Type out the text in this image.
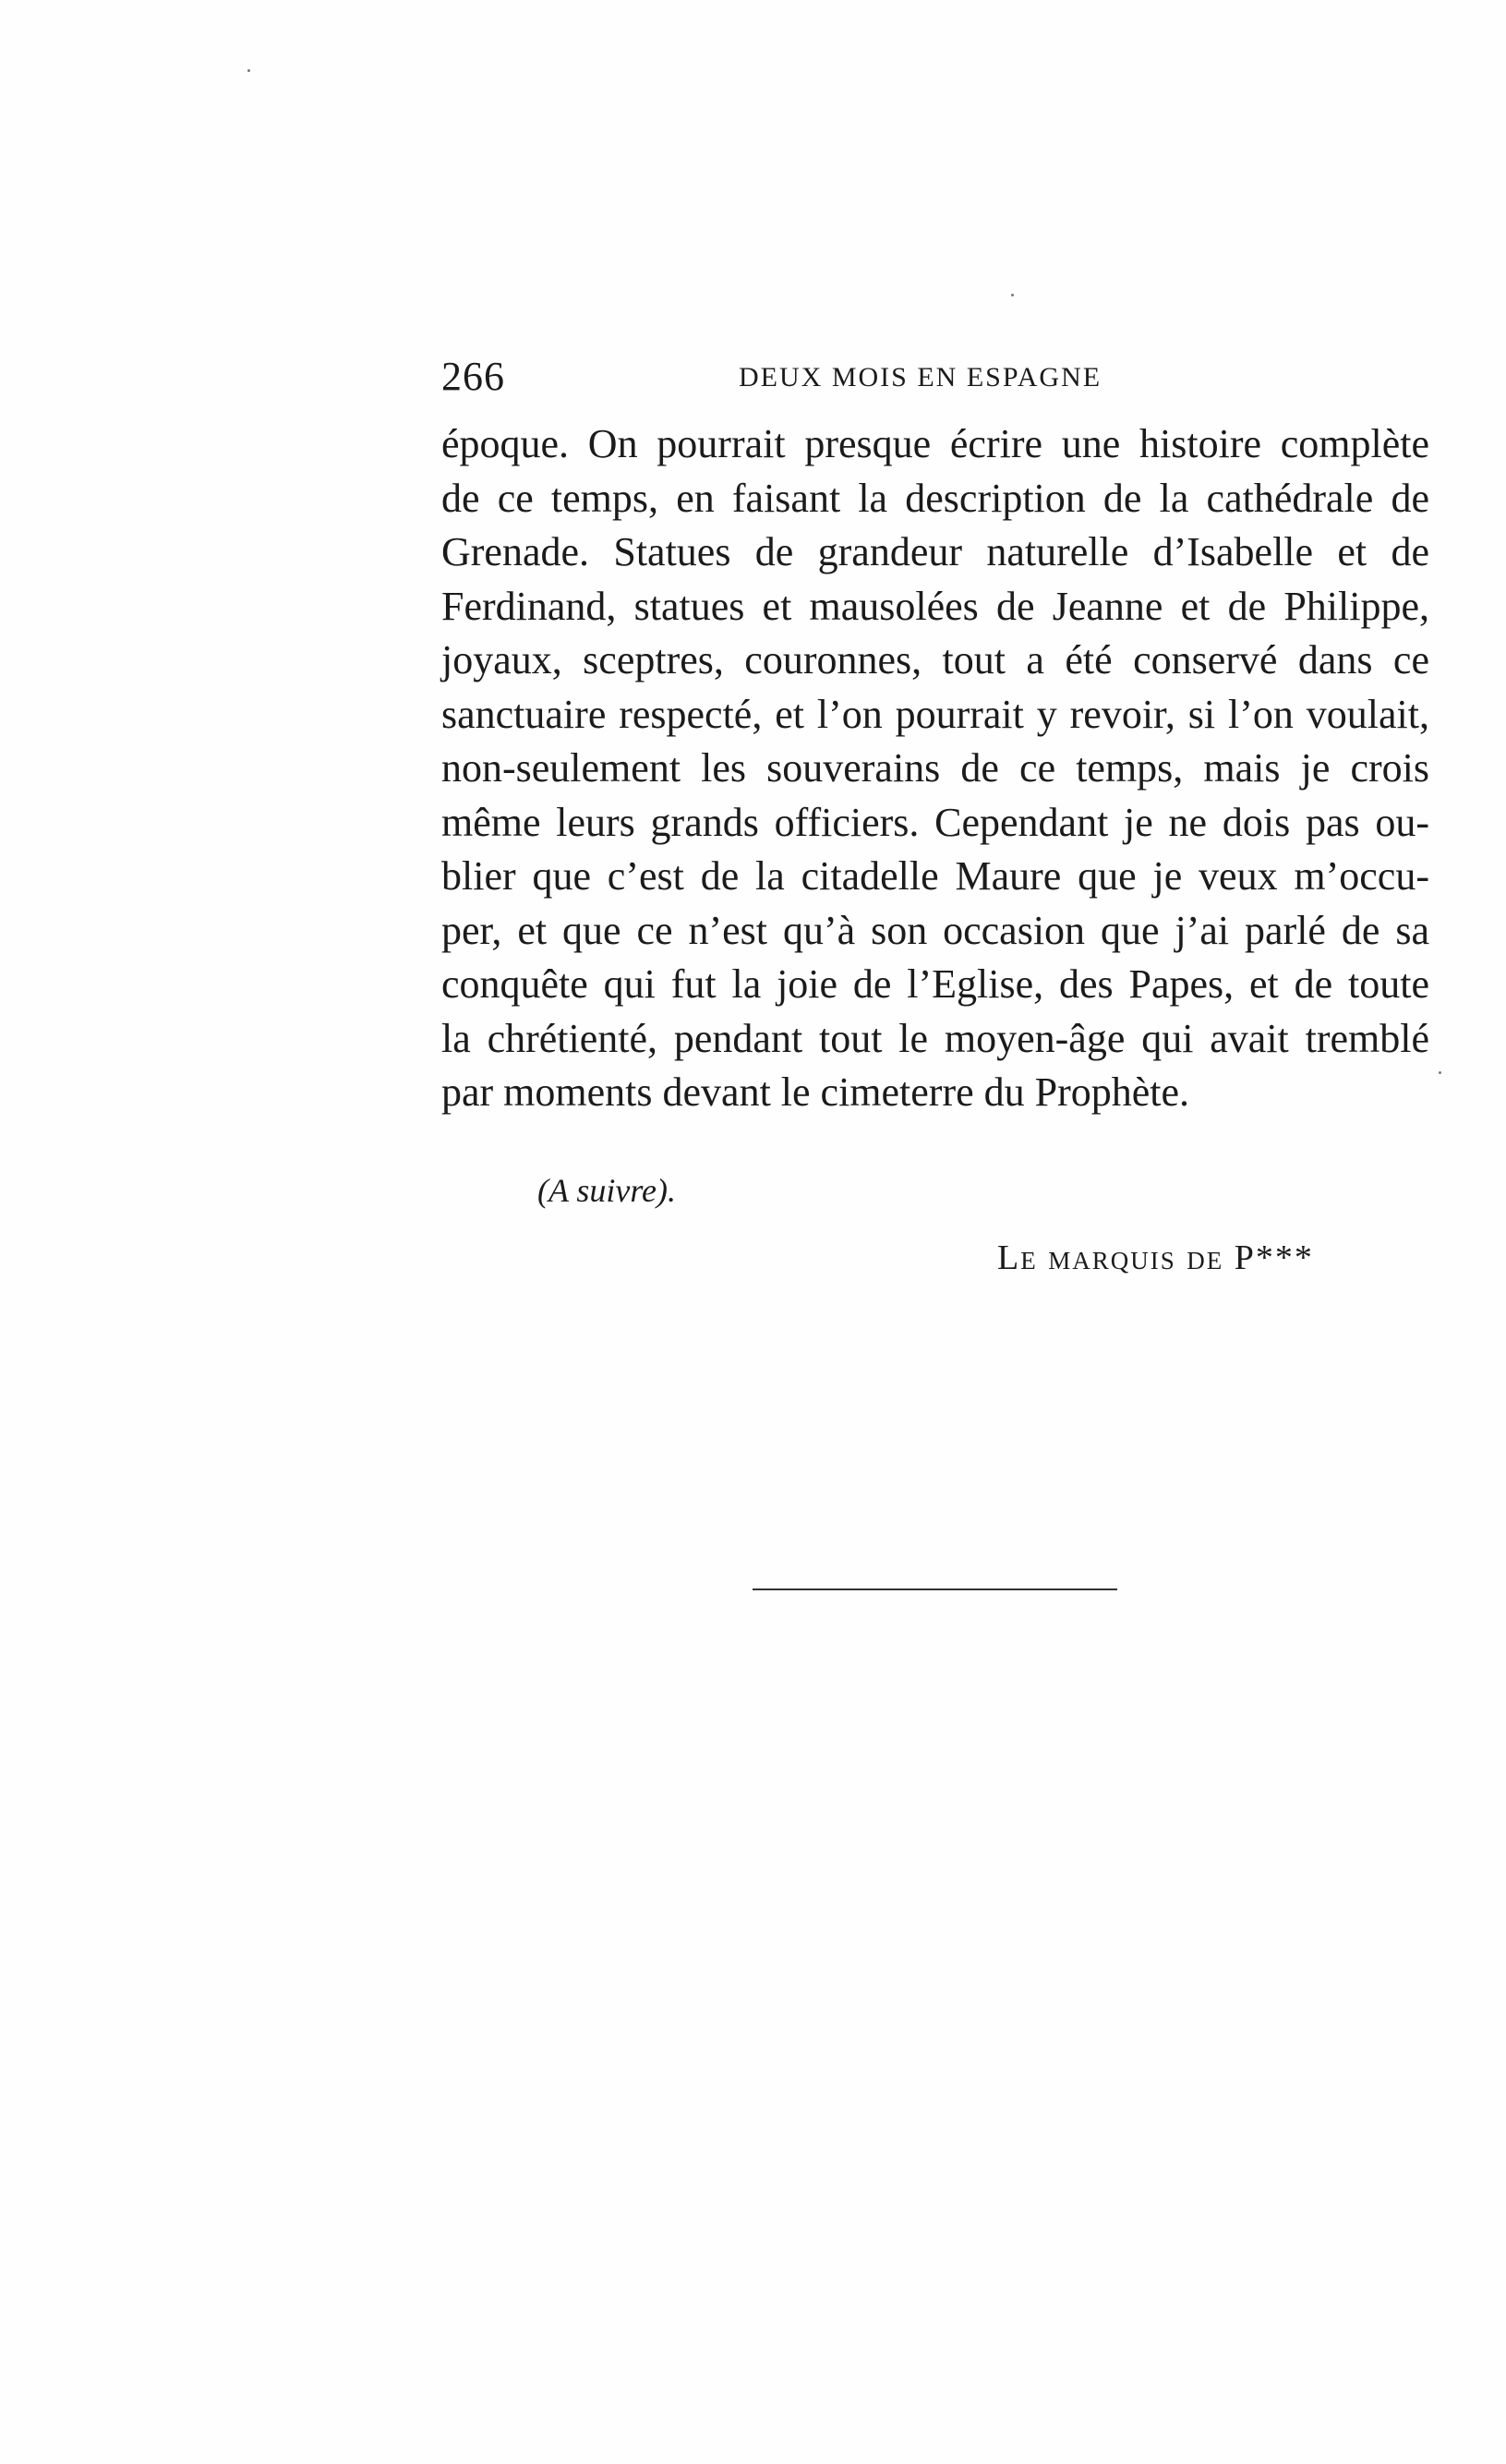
266	DEUX MOIS EN ESPAGNE
époque. On pourrait presque écrire une histoire complète
de ce temps, en faisant la description de la cathédrale de
Grenade. Statues de grandeur naturelle d’Isabelle et de
Ferdinand, statues et mausolées de Jeanne et de Philippe,
joyaux, sceptres, couronnes, tout a été conservé dans ce
sanctuaire respecté, et l’on pourrait y revoir, si l’on voulait,
non-seulement les souverains de ce temps, mais je crois
même leurs grands officiers. Cependant je ne dois pas ou-
blier que c’est de la citadelle Maure que je veux m’occu-
per, et que ce n’est qu’à son occasion que j’ai parlé de sa
conquête qui fut la joie de l’Eglise, des Papes, et de toute
la chrétienté, pendant tout le moyen-âge qui avait tremblé
par moments devant le cimeterre du Prophète.
(A suivre).
Le marquis de P***
